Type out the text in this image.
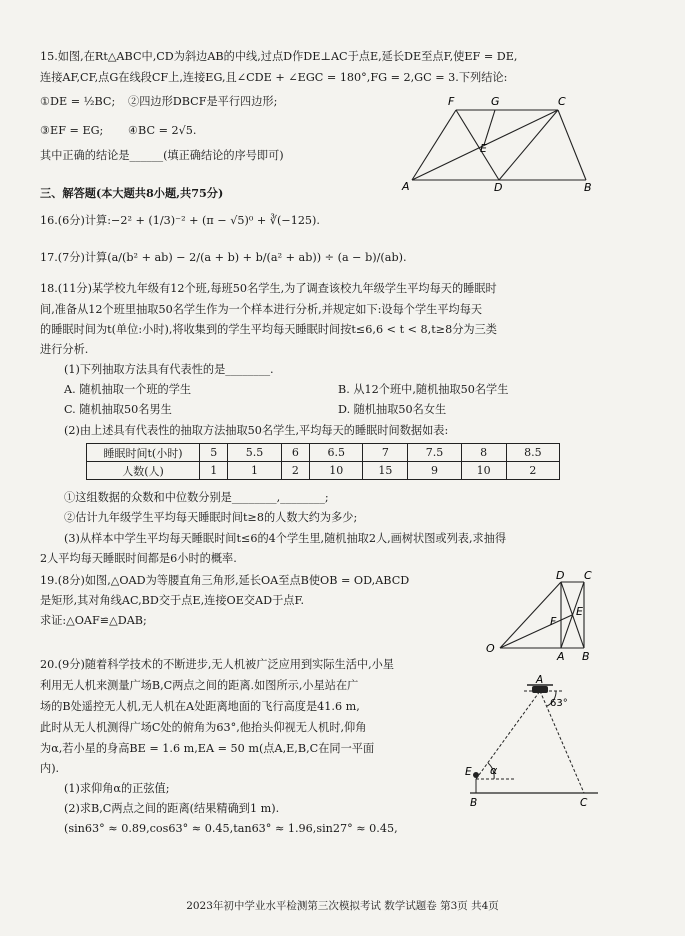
15.如图,在Rt△ABC中,CD为斜边AB的中线,过点D作DE⊥AC于点E,延长DE至点F,使EF = DE,
连接AF,CF,点G在线段CF上,连接EG,且∠CDE + ∠EGC = 180°,FG = 2,GC = 3.下列结论:
①DE = ½BC; ②四边形DBCF是平行四边形;
③EF = EG; ④BC = 2√5.
其中正确的结论是______(填正确结论的序号即可)
F	G	C
E
A	D	B
三、解答题(本大题共8小题,共75分)
16.(6分)计算:−2² + (1/3)⁻² + (π − √5)⁰ + ∛(−125).
17.(7分)计算(a/(b² + ab) − 2/(a + b) + b/(a² + ab)) ÷ (a − b)/(ab).
18.(11分)某学校九年级有12个班,每班50名学生,为了调查该校九年级学生平均每天的睡眠时
间,准备从12个班里抽取50名学生作为一个样本进行分析,并规定如下:设每个学生平均每天
的睡眠时间为t(单位:小时),将收集到的学生平均每天睡眠时间按t≤6,6 < t < 8,t≥8分为三类
进行分析.
(1)下列抽取方法具有代表性的是________.
A. 随机抽取一个班的学生	B. 从12个班中,随机抽取50名学生
C. 随机抽取50名男生	D. 随机抽取50名女生
(2)由上述具有代表性的抽取方法抽取50名学生,平均每天的睡眠时间数据如表:
睡眠时间t(小时)	5	5.5	6	6.5	7	7.5	8	8.5
人数(人)	1	1	2	10	15	9	10	2
①这组数据的众数和中位数分别是________,________;
②估计九年级学生平均每天睡眠时间t≥8的人数大约为多少;
(3)从样本中学生平均每天睡眠时间t≤6的4个学生里,随机抽取2人,画树状图或列表,求抽得
2人平均每天睡眠时间都是6小时的概率.
19.(8分)如图,△OAD为等腰直角三角形,延长OA至点B使OB = OD,ABCD
是矩形,其对角线AC,BD交于点E,连接OE交AD于点F.
求证:△OAF≌△DAB;
D C
F
E
O
A B
20.(9分)随着科学技术的不断进步,无人机被广泛应用到实际生活中,小星
利用无人机来测量广场B,C两点之间的距离.如图所示,小星站在广
场的B处遥控无人机,无人机在A处距离地面的飞行高度是41.6 m,
此时从无人机测得广场C处的俯角为63°,他抬头仰视无人机时,仰角
为α,若小星的身高BE = 1.6 m,EA = 50 m(点A,E,B,C在同一平面
内).
(1)求仰角α的正弦值;
(2)求B,C两点之间的距离(结果精确到1 m).
(sin63° ≈ 0.89,cos63° ≈ 0.45,tan63° ≈ 1.96,sin27° ≈ 0.45,
A
63°
E α
B	C
2023年初中学业水平检测第三次模拟考试 数学试题卷 第3页 共4页
